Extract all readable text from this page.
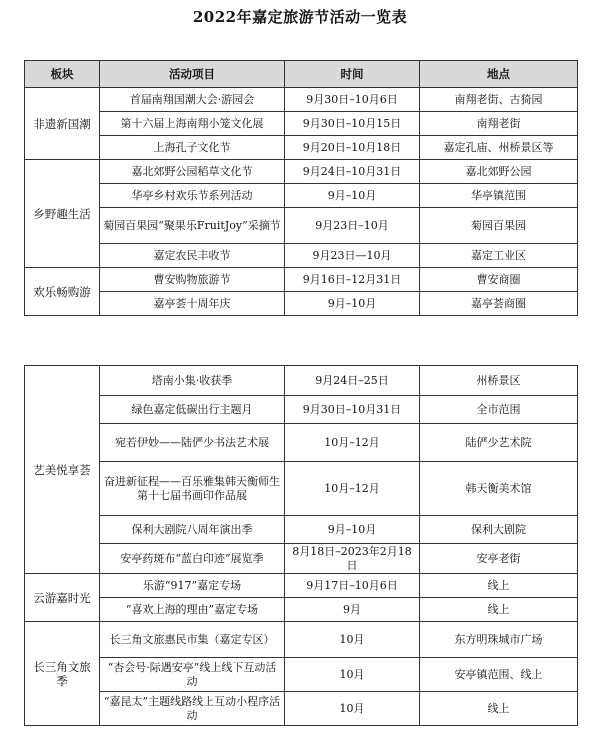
2022年嘉定旅游节活动一览表
板块	活动项目	时间	地点
非遗新国潮	首届南翔国潮大会·游园会	9月30日–10月6日	南翔老街、古猗园
	第十六届上海南翔小笼文化展	9月30日–10月15日	南翔老街
	上海孔子文化节	9月20日–10月18日	嘉定孔庙、州桥景区等
乡野趣生活	嘉北郊野公园稻草文化节	9月24日–10月31日	嘉北郊野公园
	华亭乡村欢乐节系列活动	9月–10月	华亭镇范围
	菊园百果园“聚果乐FruitJoy”采摘节	9月23日–10月	菊园百果园
	嘉定农民丰收节	9月23日—10月	嘉定工业区
欢乐畅购游	曹安购物旅游节	9月16日–12月31日	曹安商圈
	嘉亭荟十周年庆	9月–10月	嘉亭荟商圈
艺美悦享荟	塔南小集·收获季	9月24日–25日	州桥景区
	绿色嘉定低碳出行主题月	9月30日–10月31日	全市范围
	宛若伊妙——陆俨少书法艺术展	10月–12月	陆俨少艺术院
	奋进新征程——百乐雅集韩天衡师生第十七届书画印作品展	10月–12月	韩天衡美术馆
	保利大剧院八周年演出季	9月–10月	保利大剧院
	安亭药斑布“蓝白印迹”展览季	8月18日–2023年2月18日	安亭老街
云游嘉时光	乐游“917”嘉定专场	9月17日–10月6日	线上
	“喜欢上海的理由”嘉定专场	9月	线上
长三角文旅季	长三角文旅惠民市集（嘉定专区）	10月	东方明珠城市广场
	“杏会号·际遇安亭”线上线下互动活动	10月	安亭镇范围、线上
	“嘉昆太”主题线路线上互动小程序活动	10月	线上
